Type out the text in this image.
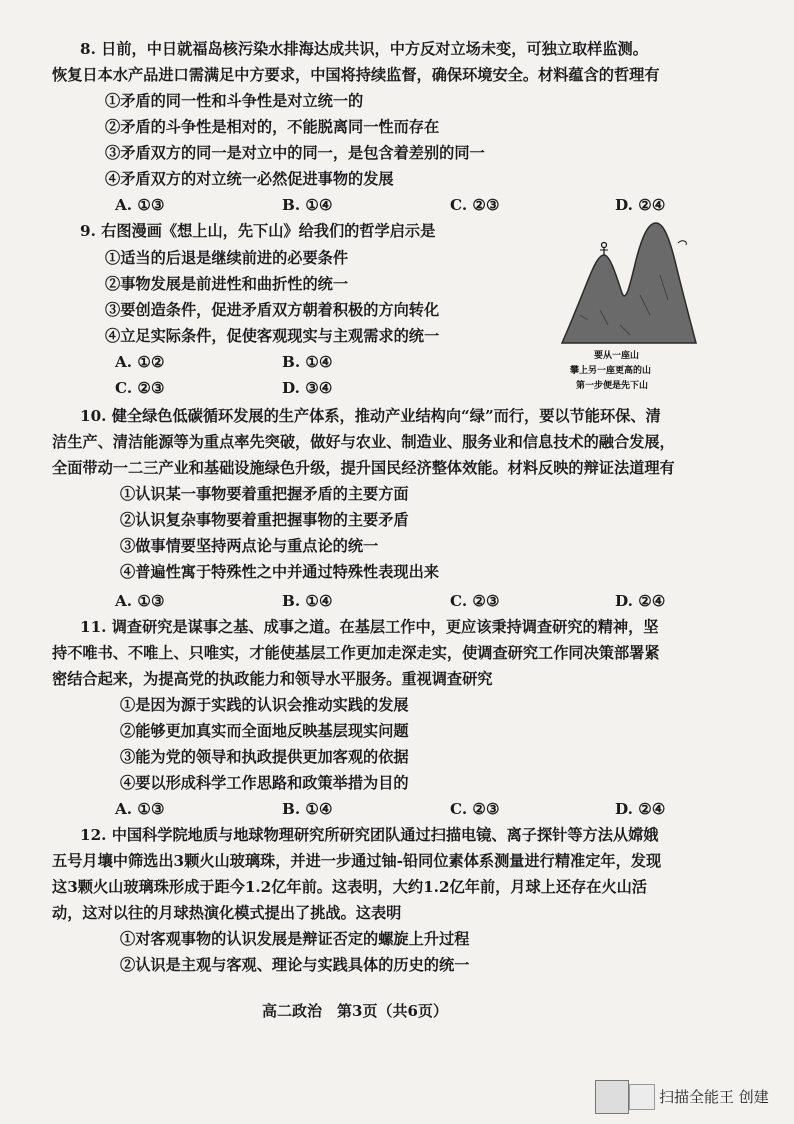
8. 日前，中日就福岛核污染水排海达成共识，中方反对立场未变，可独立取样监测。
恢复日本水产品进口需满足中方要求，中国将持续监督，确保环境安全。材料蕴含的哲理有
①矛盾的同一性和斗争性是对立统一的
②矛盾的斗争性是相对的，不能脱离同一性而存在
③矛盾双方的同一是对立中的同一，是包含着差别的同一
④矛盾双方的对立统一必然促进事物的发展
A. ①③	B. ①④	C. ②③	D. ②④
9. 右图漫画《想上山，先下山》给我们的哲学启示是
①适当的后退是继续前进的必要条件
②事物发展是前进性和曲折性的统一
③要创造条件，促进矛盾双方朝着积极的方向转化
④立足实际条件，促使客观现实与主观需求的统一
A. ①②	B. ①④
C. ②③	D. ③④
要从一座山
攀上另一座更高的山
第一步便是先下山
10. 健全绿色低碳循环发展的生产体系，推动产业结构向“绿”而行，要以节能环保、清
洁生产、清洁能源等为重点率先突破，做好与农业、制造业、服务业和信息技术的融合发展，
全面带动一二三产业和基础设施绿色升级，提升国民经济整体效能。材料反映的辩证法道理有
①认识某一事物要着重把握矛盾的主要方面
②认识复杂事物要着重把握事物的主要矛盾
③做事情要坚持两点论与重点论的统一
④普遍性寓于特殊性之中并通过特殊性表现出来
A. ①③	B. ①④	C. ②③	D. ②④
11. 调查研究是谋事之基、成事之道。在基层工作中，更应该秉持调查研究的精神，坚
持不唯书、不唯上、只唯实，才能使基层工作更加走深走实，使调查研究工作同决策部署紧
密结合起来，为提高党的执政能力和领导水平服务。重视调查研究
①是因为源于实践的认识会推动实践的发展
②能够更加真实而全面地反映基层现实问题
③能为党的领导和执政提供更加客观的依据
④要以形成科学工作思路和政策举措为目的
A. ①③	B. ①④	C. ②③	D. ②④
12. 中国科学院地质与地球物理研究所研究团队通过扫描电镜、离子探针等方法从嫦娥
五号月壤中筛选出3颗火山玻璃珠，并进一步通过铀-铅同位素体系测量进行精准定年，发现
这3颗火山玻璃珠形成于距今1.2亿年前。这表明，大约1.2亿年前，月球上还存在火山活
动，这对以往的月球热演化模式提出了挑战。这表明
①对客观事物的认识发展是辩证否定的螺旋上升过程
②认识是主观与客观、理论与实践具体的历史的统一
高二政治　第3页（共6页）
扫描全能王 创建
